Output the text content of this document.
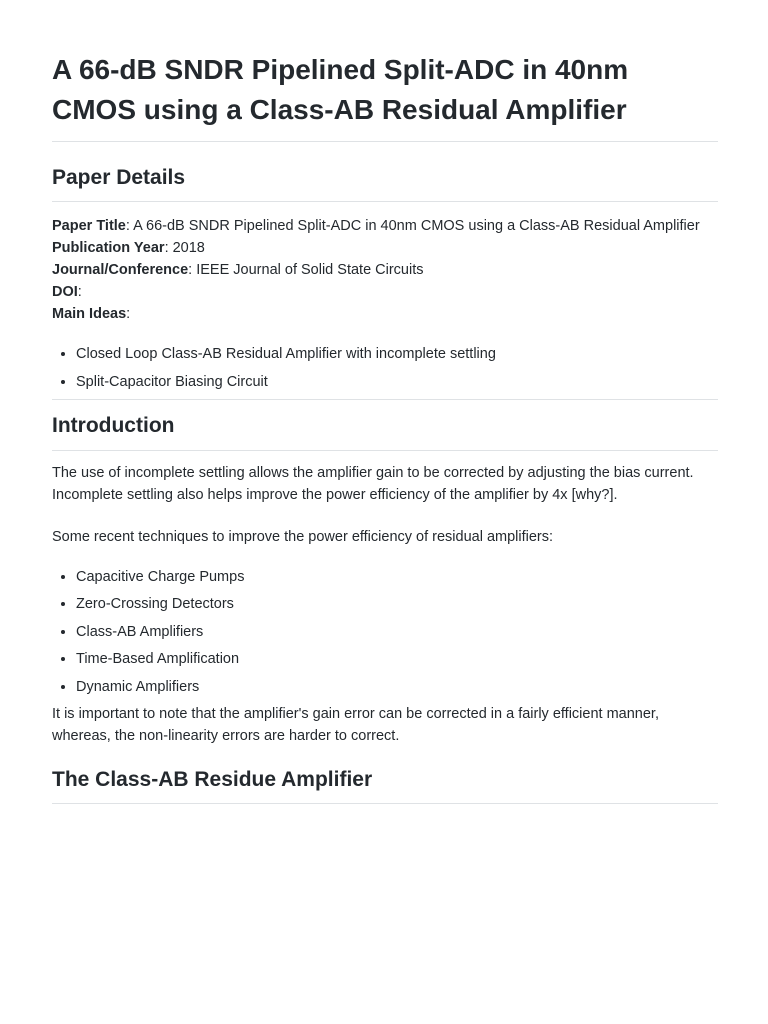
A 66-dB SNDR Pipelined Split-ADC in 40nm CMOS using a Class-AB Residual Amplifier
Paper Details
Paper Title: A 66-dB SNDR Pipelined Split-ADC in 40nm CMOS using a Class-AB Residual Amplifier
Publication Year: 2018
Journal/Conference: IEEE Journal of Solid State Circuits
DOI:
Main Ideas:
• Closed Loop Class-AB Residual Amplifier with incomplete settling
• Split-Capacitor Biasing Circuit
Introduction

The use of incomplete settling allows the amplifier gain to be corrected by adjusting the bias current. Incomplete settling also helps improve the power efficiency of the amplifier by 4x [why?].

Some recent techniques to improve the power efficiency of residual amplifiers:

• Capacitive Charge Pumps
• Zero-Crossing Detectors
• Class-AB Amplifiers
• Time-Based Amplification
• Dynamic Amplifiers

It is important to note that the amplifier's gain error can be corrected in a fairly efficient manner, whereas, the non-linearity errors are harder to correct.

The Class-AB Residue Amplifier
